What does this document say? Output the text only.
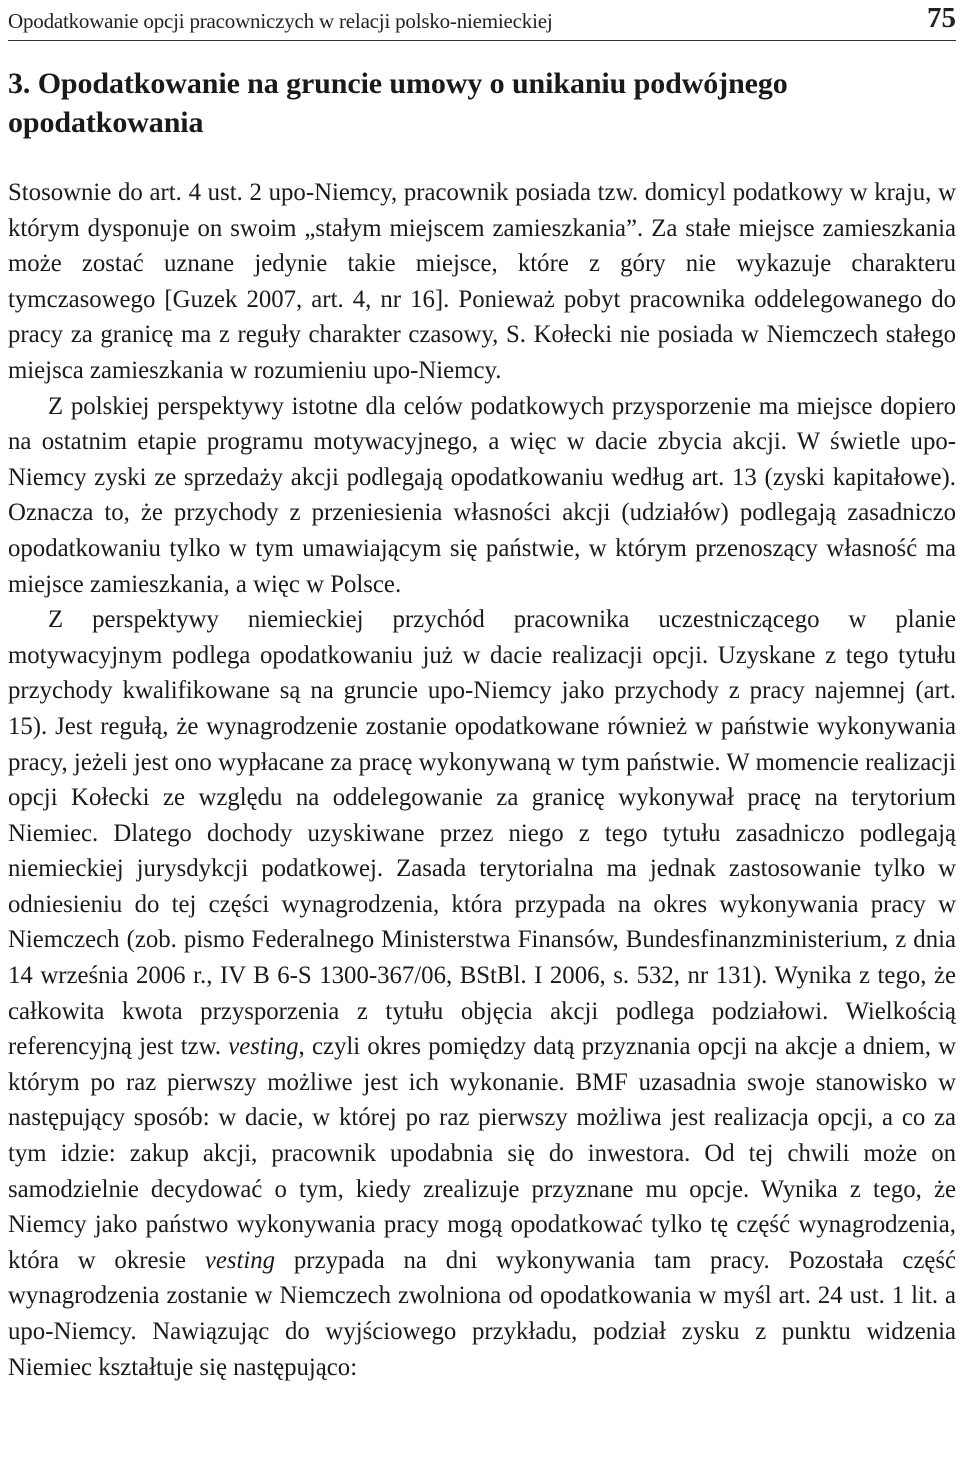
Opodatkowanie opcji pracowniczych w relacji polsko-niemieckiej	75
3. Opodatkowanie na gruncie umowy o unikaniu podwójnego opodatkowania

Stosownie do art. 4 ust. 2 upo-Niemcy, pracownik posiada tzw. domicyl podatkowy w kraju, w którym dysponuje on swoim „stałym miejscem zamieszkania”. Za stałe miejsce zamieszkania może zostać uznane jedynie takie miejsce, które z góry nie wykazuje charakteru tymczasowego [Guzek 2007, art. 4, nr 16]. Ponieważ pobyt pracownika oddelegowanego do pracy za granicę ma z reguły charakter czasowy, S. Kołecki nie posiada w Niemczech stałego miejsca zamieszkania w rozumieniu upo-Niemcy.

Z polskiej perspektywy istotne dla celów podatkowych przysporzenie ma miejsce dopiero na ostatnim etapie programu motywacyjnego, a więc w dacie zbycia akcji. W świetle upo-Niemcy zyski ze sprzedaży akcji podlegają opodatkowaniu według art. 13 (zyski kapitałowe). Oznacza to, że przychody z przeniesienia własności akcji (udziałów) podlegają zasadniczo opodatkowaniu tylko w tym umawiającym się państwie, w którym przenoszący własność ma miejsce zamieszkania, a więc w Polsce.

Z perspektywy niemieckiej przychód pracownika uczestniczącego w planie motywacyjnym podlega opodatkowaniu już w dacie realizacji opcji. Uzyskane z tego tytułu przychody kwalifikowane są na gruncie upo-Niemcy jako przychody z pracy najemnej (art. 15). Jest regułą, że wynagrodzenie zostanie opodatkowane również w państwie wykonywania pracy, jeżeli jest ono wypłacane za pracę wykonywaną w tym państwie. W momencie realizacji opcji Kołecki ze względu na oddelegowanie za granicę wykonywał pracę na terytorium Niemiec. Dlatego dochody uzyskiwane przez niego z tego tytułu zasadniczo podlegają niemieckiej jurysdykcji podatkowej. Zasada terytorialna ma jednak zastosowanie tylko w odniesieniu do tej części wynagrodzenia, która przypada na okres wykonywania pracy w Niemczech (zob. pismo Federalnego Ministerstwa Finansów, Bundesfinanzministerium, z dnia 14 września 2006 r., IV B 6-S 1300-367/06, BStBl. I 2006, s. 532, nr 131). Wynika z tego, że całkowita kwota przysporzenia z tytułu objęcia akcji podlega podziałowi. Wielkością referencyjną jest tzw. vesting, czyli okres pomiędzy datą przyznania opcji na akcje a dniem, w którym po raz pierwszy możliwe jest ich wykonanie. BMF uzasadnia swoje stanowisko w następujący sposób: w dacie, w której po raz pierwszy możliwa jest realizacja opcji, a co za tym idzie: zakup akcji, pracownik upodabnia się do inwestora. Od tej chwili może on samodzielnie decydować o tym, kiedy zrealizuje przyznane mu opcje. Wynika z tego, że Niemcy jako państwo wykonywania pracy mogą opodatkować tylko tę część wynagrodzenia, która w okresie vesting przypada na dni wykonywania tam pracy. Pozostała część wynagrodzenia zostanie w Niemczech zwolniona od opodatkowania w myśl art. 24 ust. 1 lit. a upo-Niemcy. Nawiązując do wyjściowego przykładu, podział zysku z punktu widzenia Niemiec kształtuje się następująco:
